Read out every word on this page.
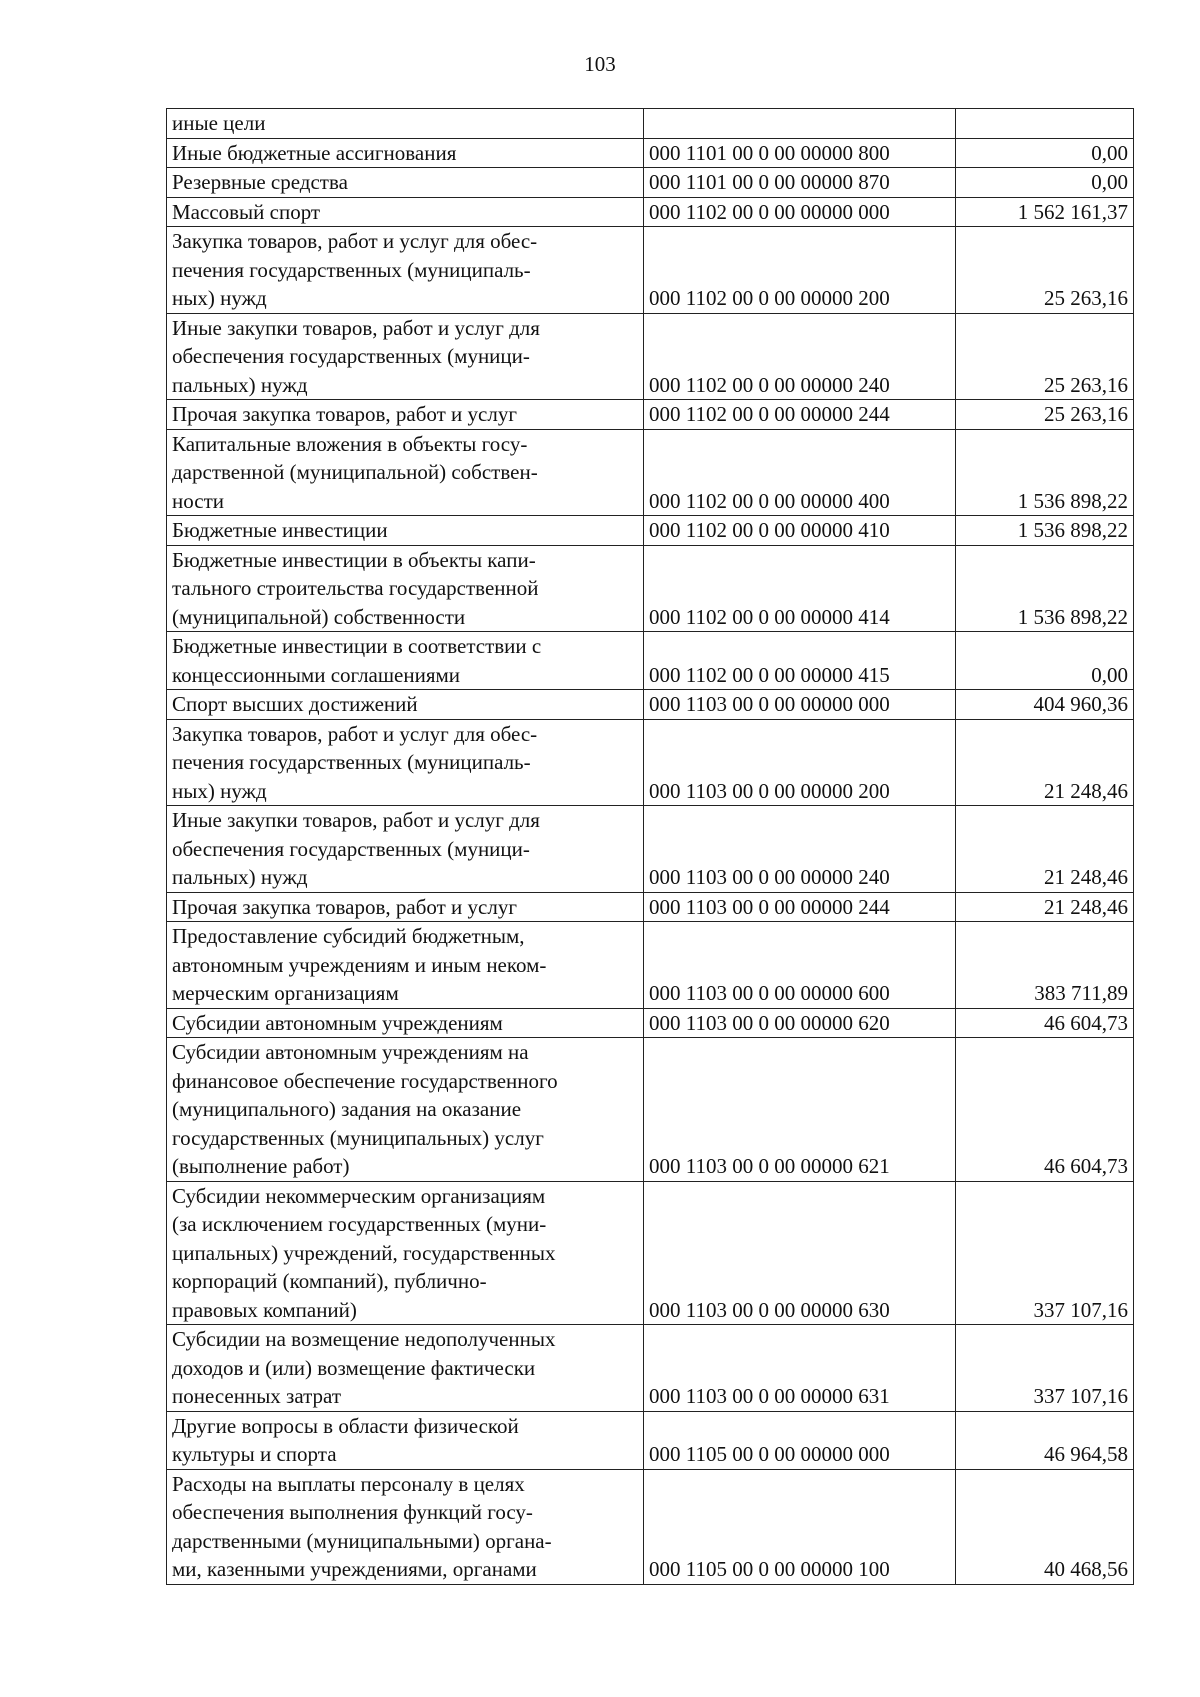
103
иные цели		
Иные бюджетные ассигнования	000 1101 00 0 00 00000 800	0,00
Резервные средства	000 1101 00 0 00 00000 870	0,00
Массовый спорт	000 1102 00 0 00 00000 000	1 562 161,37
Закупка товаров, работ и услуг для обес-
печения государственных (муниципаль-
ных) нужд	000 1102 00 0 00 00000 200	25 263,16
Иные закупки товаров, работ и услуг для
обеспечения государственных (муници-
пальных) нужд	000 1102 00 0 00 00000 240	25 263,16
Прочая закупка товаров, работ и услуг	000 1102 00 0 00 00000 244	25 263,16
Капитальные вложения в объекты госу-
дарственной (муниципальной) собствен-
ности	000 1102 00 0 00 00000 400	1 536 898,22
Бюджетные инвестиции	000 1102 00 0 00 00000 410	1 536 898,22
Бюджетные инвестиции в объекты капи-
тального строительства государственной
(муниципальной) собственности	000 1102 00 0 00 00000 414	1 536 898,22
Бюджетные инвестиции в соответствии с
концессионными соглашениями	000 1102 00 0 00 00000 415	0,00
Спорт высших достижений	000 1103 00 0 00 00000 000	404 960,36
Закупка товаров, работ и услуг для обес-
печения государственных (муниципаль-
ных) нужд	000 1103 00 0 00 00000 200	21 248,46
Иные закупки товаров, работ и услуг для
обеспечения государственных (муници-
пальных) нужд	000 1103 00 0 00 00000 240	21 248,46
Прочая закупка товаров, работ и услуг	000 1103 00 0 00 00000 244	21 248,46
Предоставление субсидий бюджетным,
автономным учреждениям и иным неком-
мерческим организациям	000 1103 00 0 00 00000 600	383 711,89
Субсидии автономным учреждениям	000 1103 00 0 00 00000 620	46 604,73
Субсидии автономным учреждениям на
финансовое обеспечение государственного
(муниципального) задания на оказание
государственных (муниципальных) услуг
(выполнение работ)	000 1103 00 0 00 00000 621	46 604,73
Субсидии некоммерческим организациям
(за исключением государственных (муни-
ципальных) учреждений, государственных
корпораций (компаний), публично-
правовых компаний)	000 1103 00 0 00 00000 630	337 107,16
Субсидии на возмещение недополученных
доходов и (или) возмещение фактически
понесенных затрат	000 1103 00 0 00 00000 631	337 107,16
Другие вопросы в области физической
культуры и спорта	000 1105 00 0 00 00000 000	46 964,58
Расходы на выплаты персоналу в целях
обеспечения выполнения функций госу-
дарственными (муниципальными) органа-
ми, казенными учреждениями, органами	000 1105 00 0 00 00000 100	40 468,56
